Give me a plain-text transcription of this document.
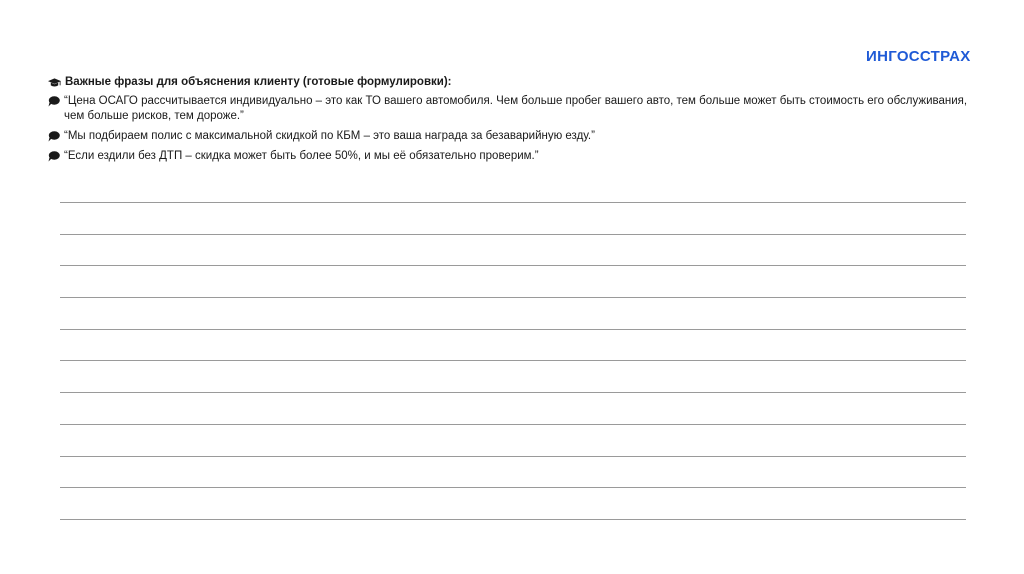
ИНГОССТРАХ
Важные фразы для объяснения клиенту (готовые формулировки):
“Цена ОСАГО рассчитывается индивидуально – это как ТО вашего автомобиля. Чем больше пробег вашего авто, тем больше может быть стоимость его обслуживания, чем больше рисков, тем дороже.”
“Мы подбираем полис с максимальной скидкой по КБМ – это ваша награда за безаварийную езду.”
“Если ездили без ДТП – скидка может быть более 50%, и мы её обязательно проверим.”
